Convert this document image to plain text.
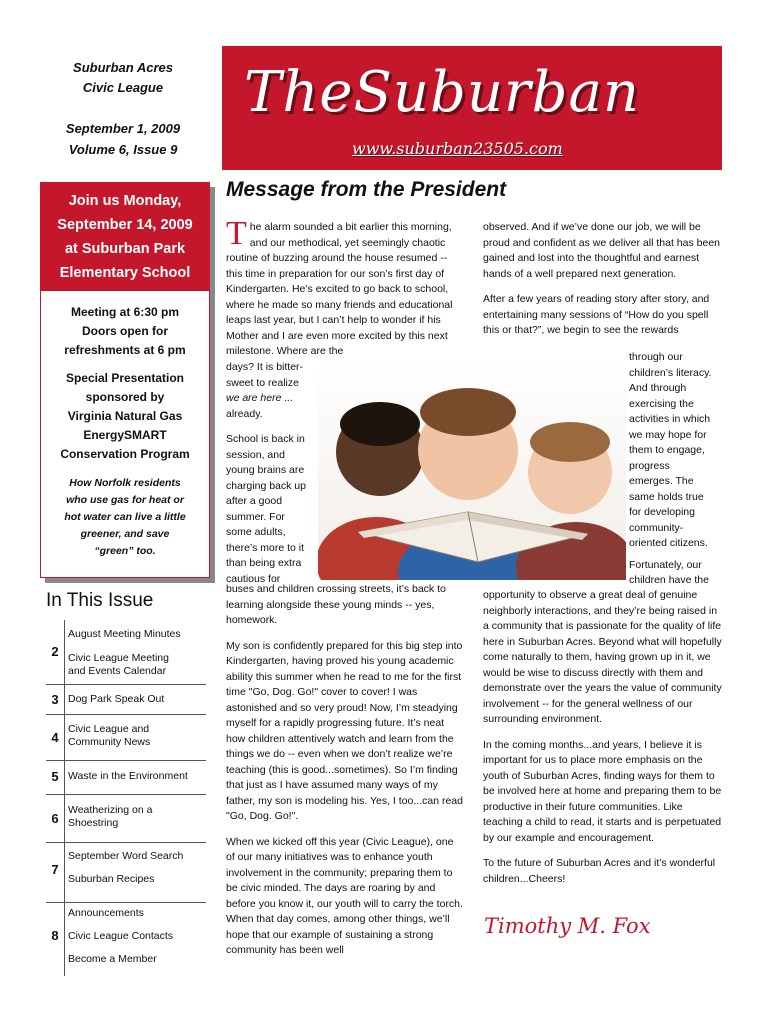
Suburban Acres
Civic League
September 1, 2009
Volume 6, Issue 9
TheSuburban
www.suburban23505.com
Join us Monday,
September 14, 2009
at Suburban Park
Elementary School
Meeting at 6:30 pm
Doors open for
refreshments at 6 pm
Special Presentation
sponsored by
Virginia Natural Gas
EnergySMART
Conservation Program
How Norfolk residents
who use gas for heat or
hot water can live a little
greener, and save
“green” too.
In This Issue
2
August Meeting Minutes
Civic League Meeting
and Events Calendar
3 Dog Park Speak Out
4
Civic League and
Community News
5 Waste in the Environment
6
Weatherizing on a
Shoestring
7
September Word Search
Suburban Recipes
8
Announcements
Civic League Contacts
Become a Member
Message from the President

The alarm sounded a bit earlier this morning, and our methodical, yet seemingly chaotic routine of buzzing around the house resumed -- this time in preparation for our son’s first day of Kindergarten. He’s excited to go back to school, where he made so many friends and educational leaps last year, but I can’t help to wonder if his Mother and I are even more excited by this next milestone. Where are the

days? It is bitter-
sweet to realize
we are here ...
already.

School is back in
session, and
young brains are
charging back up
after a good
summer. For
some adults,
there’s more to it
than being extra
cautious for

buses and children crossing streets, it’s back to learning alongside these young minds -- yes, homework.

My son is confidently prepared for this big step into Kindergarten, having proved his young academic ability this summer when he read to me for the first time "Go, Dog. Go!" cover to cover! I was astonished and so very proud! Now, I’m steadying myself for a rapidly progressing future. It’s neat how children attentively watch and learn from the things we do -- even when we don’t realize we’re teaching (this is good...sometimes). So I’m finding that just as I have assumed many ways of my father, my son is modeling his. Yes, I too...can read "Go, Dog. Go!".

When we kicked off this year (Civic League), one of our many initiatives was to enhance youth involvement in the community; preparing them to be civic minded. The days are roaring by and before you know it, our youth will to carry the torch. When that day comes, among other things, we’ll hope that our example of sustaining a strong community has been well

observed. And if we’ve done our job, we will be proud and confident as we deliver all that has been gained and lost into the thoughtful and earnest hands of a well prepared next generation.

After a few years of reading story after story, and entertaining many sessions of “How do you spell this or that?”, we begin to see the rewards

through our
children’s literacy.
And through
exercising the
activities in which
we may hope for
them to engage,
progress
emerges. The
same holds true
for developing
community-
oriented citizens.
Fortunately, our
children have the

opportunity to observe a great deal of genuine neighborly interactions, and they’re being raised in a community that is passionate for the quality of life here in Suburban Acres. Beyond what will hopefully come naturally to them, having grown up in it, we would be wise to discuss directly with them and demonstrate over the years the value of community involvement -- for the general wellness of our surrounding environment.

In the coming months...and years, I believe it is important for us to place more emphasis on the youth of Suburban Acres, finding ways for them to be involved here at home and preparing them to be productive in their future communities. Like teaching a child to read, it starts and is perpetuated by our example and encouragement.

To the future of Suburban Acres and it’s wonderful children...Cheers!

Timothy M. Fox
